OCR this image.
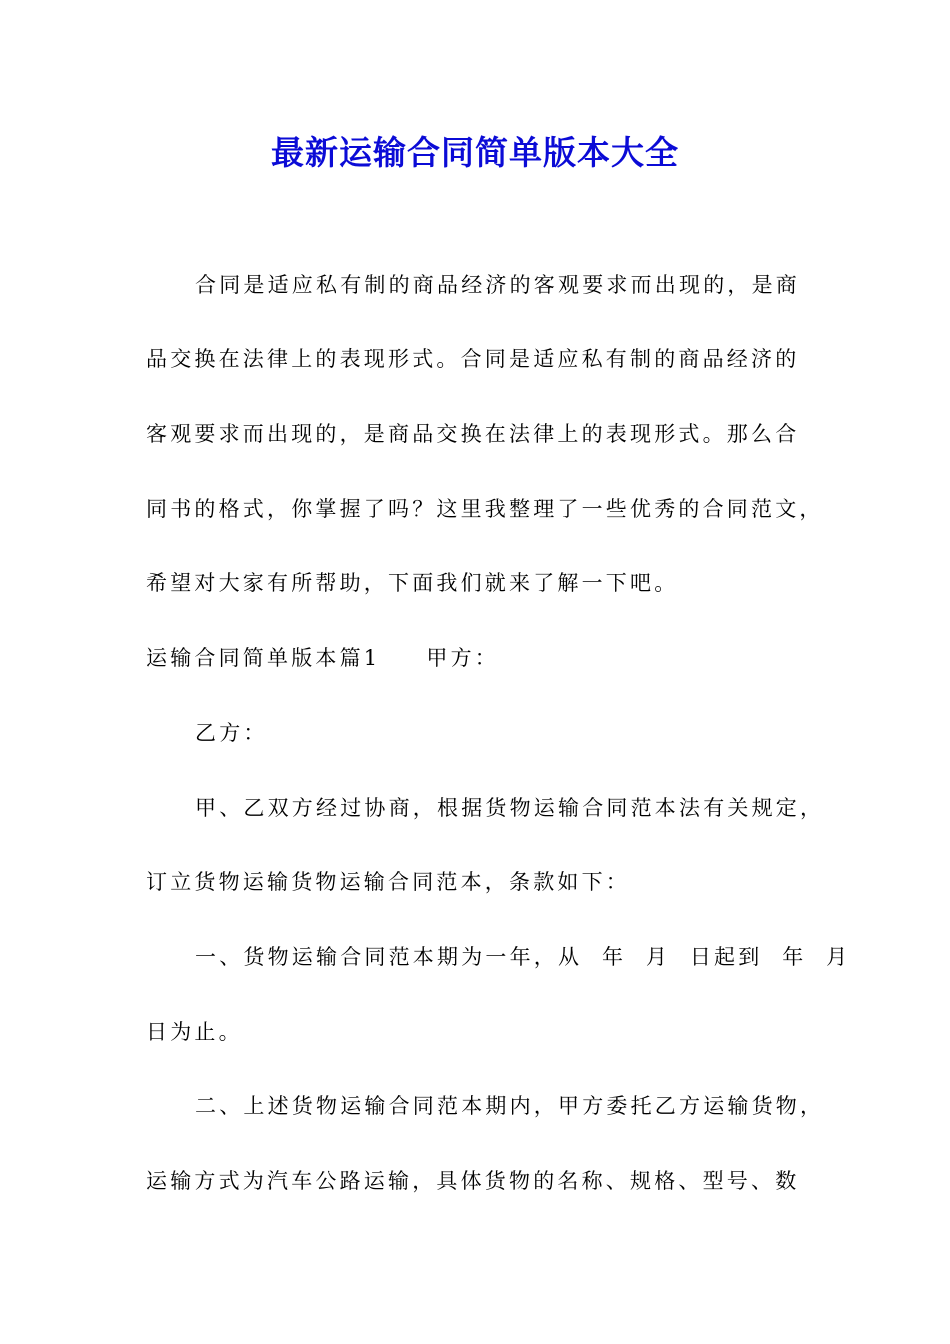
最新运输合同简单版本大全
合同是适应私有制的商品经济的客观要求而出现的，是商
品交换在法律上的表现形式。合同是适应私有制的商品经济的
客观要求而出现的，是商品交换在法律上的表现形式。那么合
同书的格式，你掌握了吗？这里我整理了一些优秀的合同范文，
希望对大家有所帮助，下面我们就来了解一下吧。
运输合同简单版本篇1 甲方：
乙方：
甲、乙双方经过协商，根据货物运输合同范本法有关规定，
订立货物运输货物运输合同范本，条款如下：
一、货物运输合同范本期为一年，从  年  月  日起到  年  月
日为止。
二、上述货物运输合同范本期内，甲方委托乙方运输货物，
运输方式为汽车公路运输，具体货物的名称、规格、型号、数
